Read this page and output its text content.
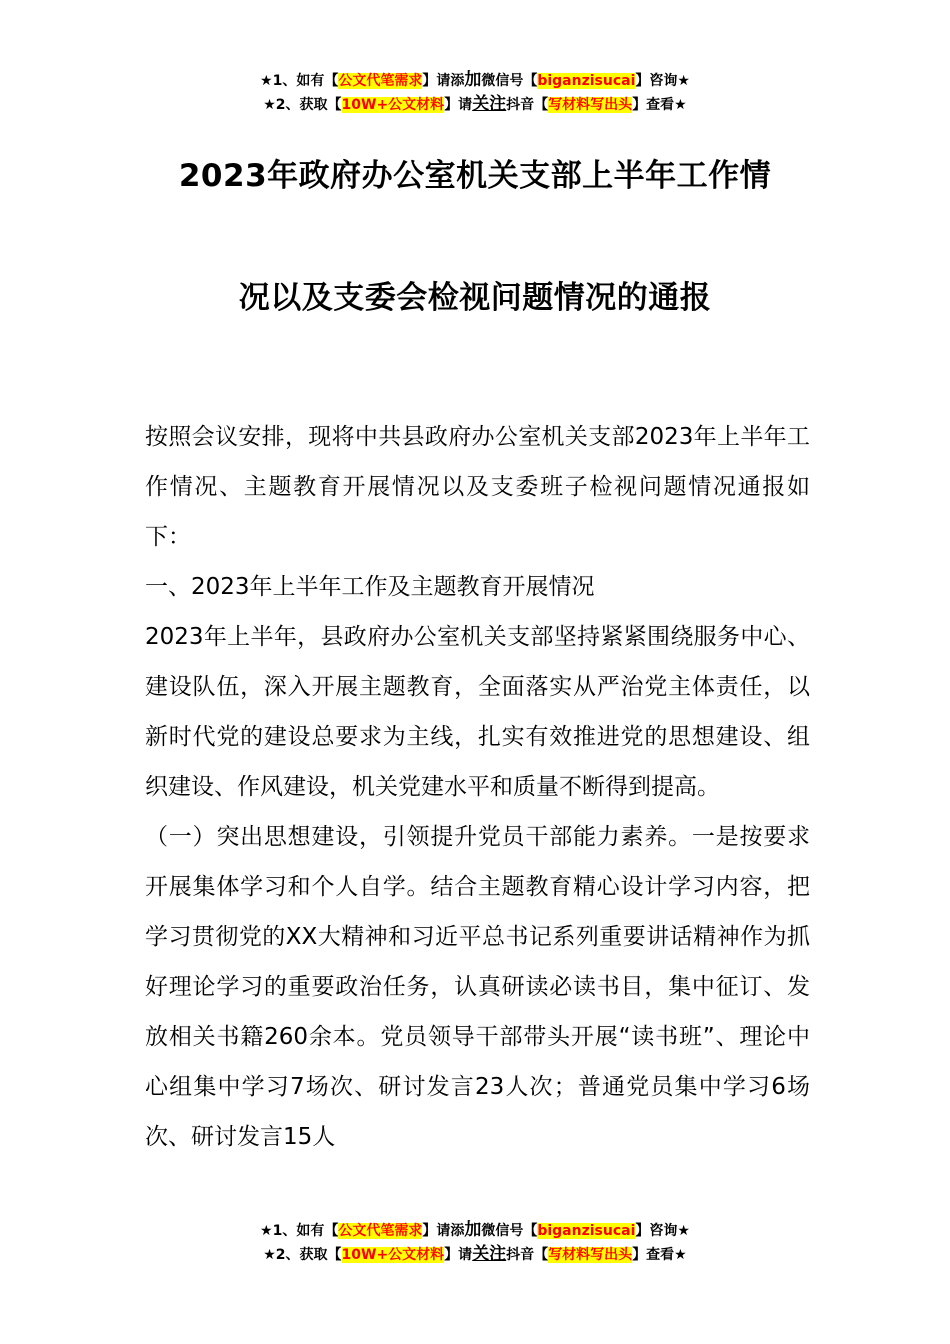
★1、如有【公文代笔需求】请添加微信号【biganzisucai】咨询★
★2、获取【10W+公文材料】请关注抖音【写材料写出头】查看★
2023年政府办公室机关支部上半年工作情
况以及支委会检视问题情况的通报

按照会议安排，现将中共县政府办公室机关支部2023年上半年工作情况、主题教育开展情况以及支委班子检视问题情况通报如下：

一、2023年上半年工作及主题教育开展情况

2023年上半年，县政府办公室机关支部坚持紧紧围绕服务中心、建设队伍，深入开展主题教育，全面落实从严治党主体责任，以新时代党的建设总要求为主线，扎实有效推进党的思想建设、组织建设、作风建设，机关党建水平和质量不断得到提高。

（一）突出思想建设，引领提升党员干部能力素养。一是按要求开展集体学习和个人自学。结合主题教育精心设计学习内容，把学习贯彻党的XX大精神和习近平总书记系列重要讲话精神作为抓好理论学习的重要政治任务，认真研读必读书目，集中征订、发放相关书籍260余本。党员领导干部带头开展“读书班”、理论中心组集中学习7场次、研讨发言23人次；普通党员集中学习6场次、研讨发言15人

★1、如有【公文代笔需求】请添加微信号【biganzisucai】咨询★
★2、获取【10W+公文材料】请关注抖音【写材料写出头】查看★
